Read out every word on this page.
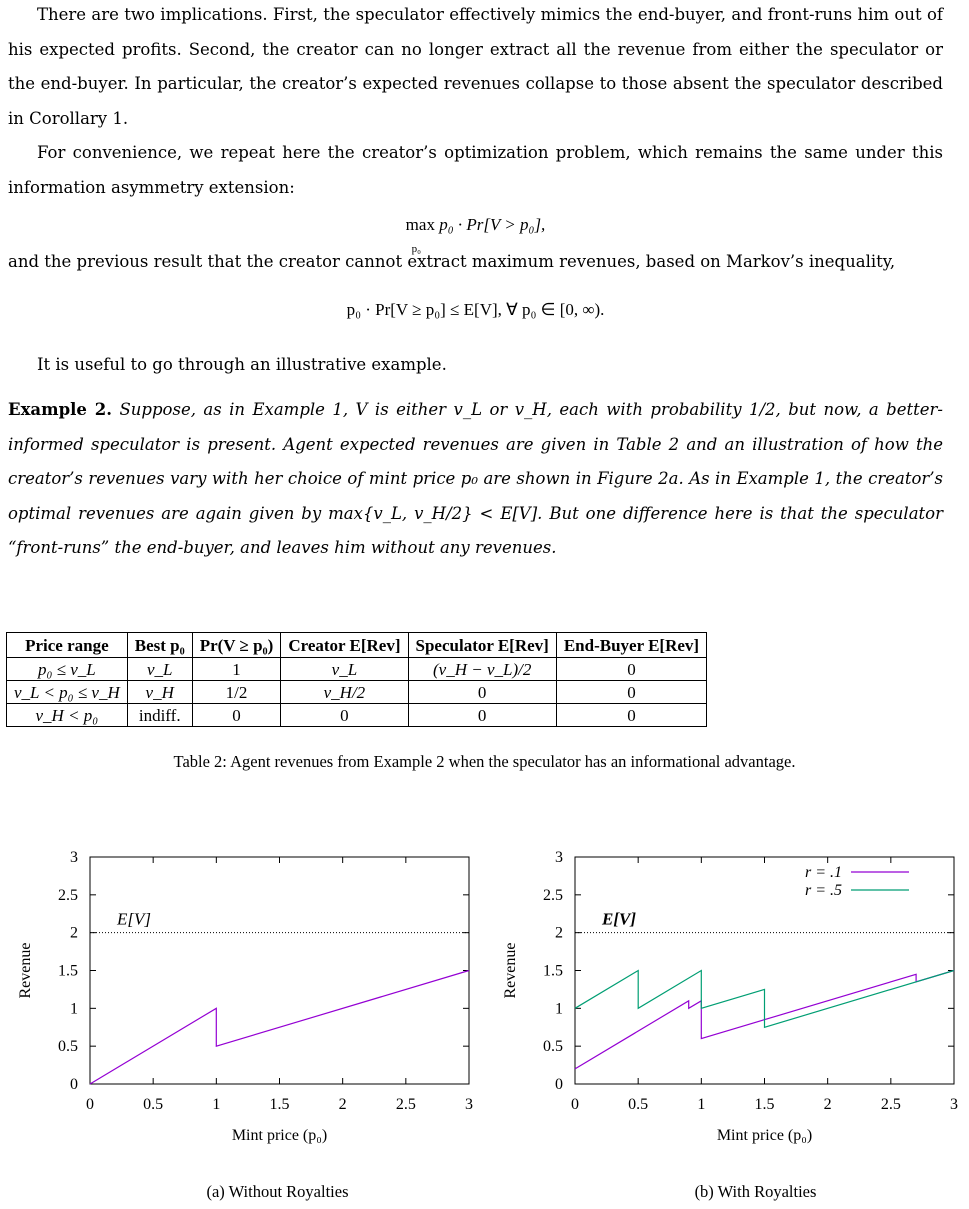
There are two implications. First, the speculator effectively mimics the end-buyer, and front-runs him out of his expected profits. Second, the creator can no longer extract all the revenue from either the speculator or the end-buyer. In particular, the creator’s expected revenues collapse to those absent the speculator described in Corollary 1.

For convenience, we repeat here the creator’s optimization problem, which remains the same under this information asymmetry extension:

max
p₀
p₀ · Pr[V > p₀],

and the previous result that the creator cannot extract maximum revenues, based on Markov’s inequality,

p₀ · Pr[V ≥ p₀] ≤ E[V], ∀ p₀ ∈ [0, ∞).

It is useful to go through an illustrative example.

Example 2. Suppose, as in Example 1, V is either v_L or v_H, each with probability 1/2, but now, a better-informed speculator is present. Agent expected revenues are given in Table 2 and an illustration of how the creator’s revenues vary with her choice of mint price p₀ are shown in Figure 2a. As in Example 1, the creator’s optimal revenues are again given by max{v_L, v_H/2} < E[V]. But one difference here is that the speculator “front-runs” the end-buyer, and leaves him without any revenues.

Price range	Best p₀	Pr(V ≥ p₀)	Creator E[Rev]	Speculator E[Rev]	End-Buyer E[Rev]
p₀ ≤ v_L	v_L	1	v_L	(v_H − v_L)/2	0
v_L < p₀ ≤ v_H	v_H	1/2	v_H/2	0	0
v_H < p₀	indiff.	0	0	0	0
Table 2: Agent revenues from Example 2 when the speculator has an informational advantage.
0	0.5	1	1.5	2	2.5	3
0
0.5
1
1.5
2
2.5
3
E[V]
Mint price (p₀)
Revenue
0	0.5	1	1.5	2	2.5	3
0
0.5
1
1.5
2
2.5
3
E[V]
r = .1
r = .5
Mint price (p₀)
Revenue
(a) Without Royalties	(b) With Royalties
